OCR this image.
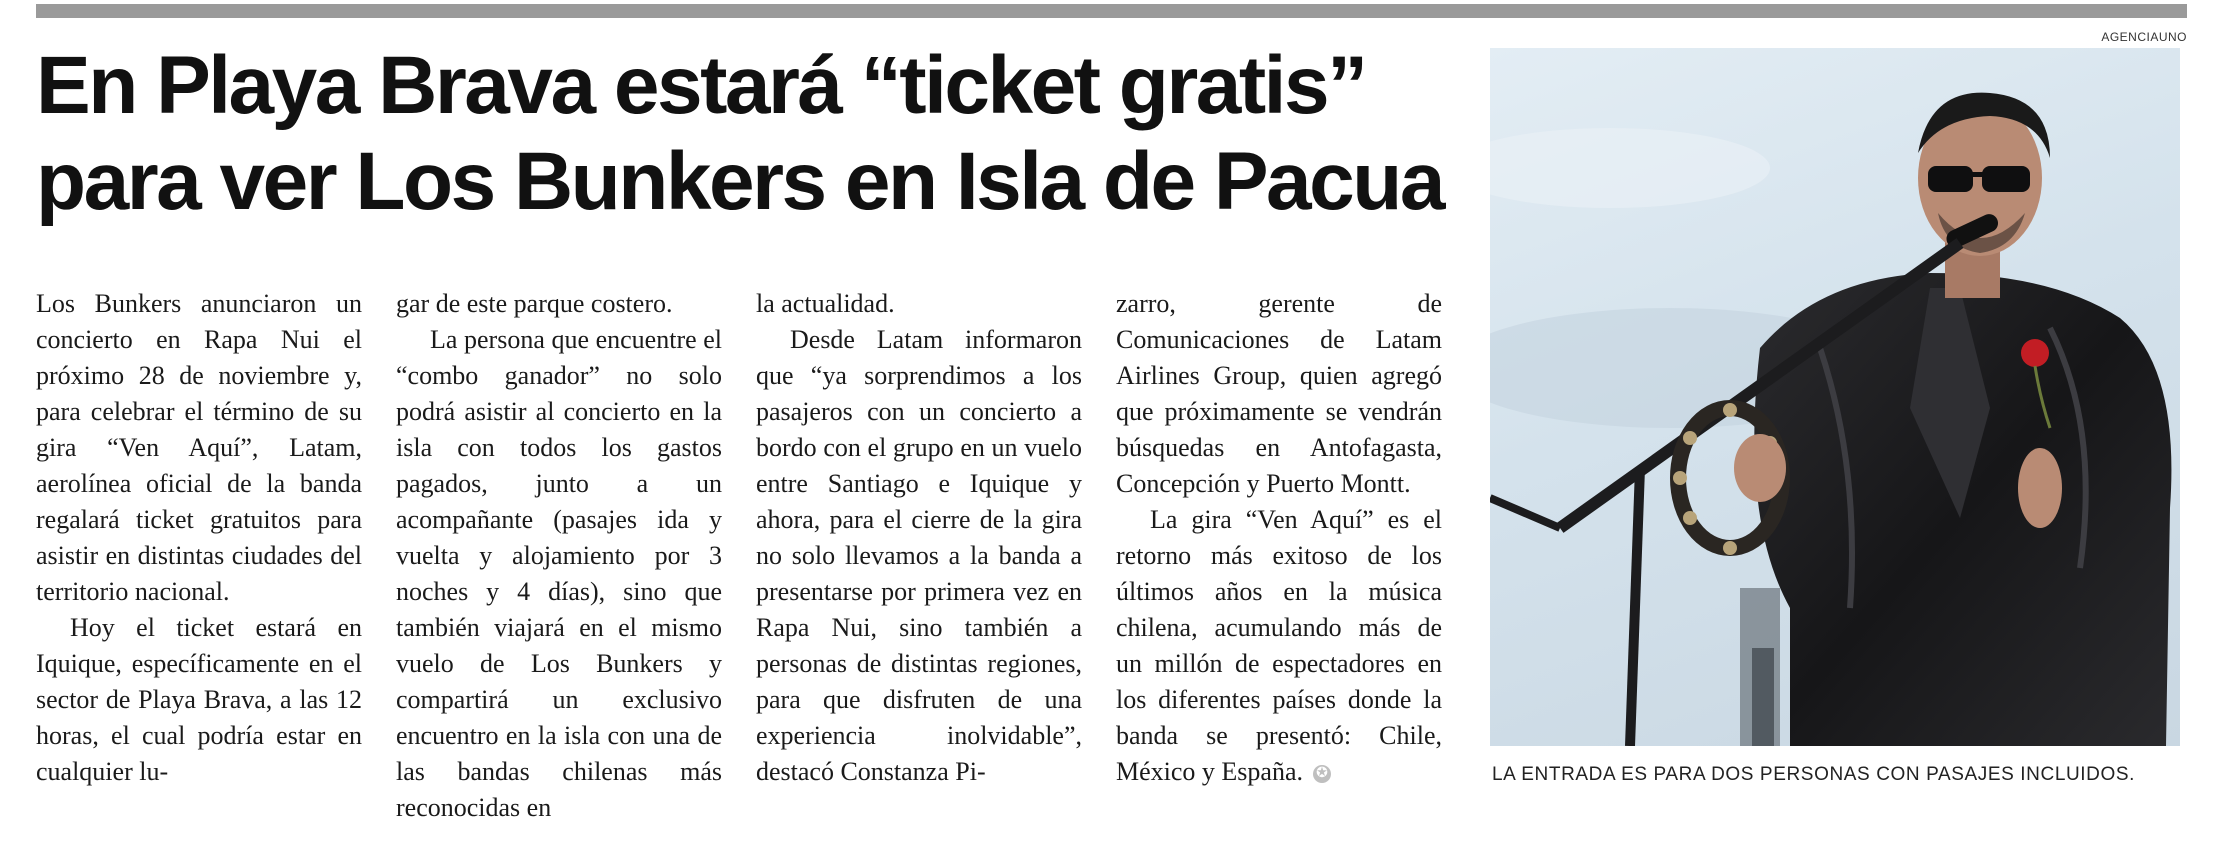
En Playa Brava estará “ticket gratis”
para ver Los Bunkers en Isla de Pacua

Los Bunkers anunciaron un concierto en Rapa Nui el próximo 28 de noviembre y, para celebrar el término de su gira “Ven Aquí”, Latam, aerolínea oficial de la banda regalará ticket gratuitos para asistir en distintas ciudades del territorio nacional.

Hoy el ticket estará en Iquique, específicamente en el sector de Playa Brava, a las 12 horas, el cual podría estar en cualquier lu-

gar de este parque costero.

La persona que encuentre el “combo ganador” no solo podrá asistir al concierto en la isla con todos los gastos pagados, junto a un acompañante (pasajes ida y vuelta y alojamiento por 3 noches y 4 días), sino que también viajará en el mismo vuelo de Los Bunkers y compartirá un exclusivo encuentro en la isla con una de las bandas chilenas más reconocidas en

la actualidad.

Desde Latam informaron que “ya sorprendimos a los pasajeros con un concierto a bordo con el grupo en un vuelo entre Santiago e Iquique y ahora, para el cierre de la gira no solo llevamos a la banda a presentarse por primera vez en Rapa Nui, sino también a personas de distintas regiones, para que disfruten de una experiencia inolvidable”, destacó Constanza Pi-

zarro, gerente de Comunicaciones de Latam Airlines Group, quien agregó que próximamente se vendrán búsquedas en Antofagasta, Concepción y Puerto Montt.

La gira “Ven Aquí” es el retorno más exitoso de los últimos años en la música chilena, acumulando más de un millón de espectadores en los diferentes países donde la banda se presentó: Chile, México y España. ✪

AGENCIAUNO
LA ENTRADA ES PARA DOS PERSONAS CON PASAJES INCLUIDOS.
